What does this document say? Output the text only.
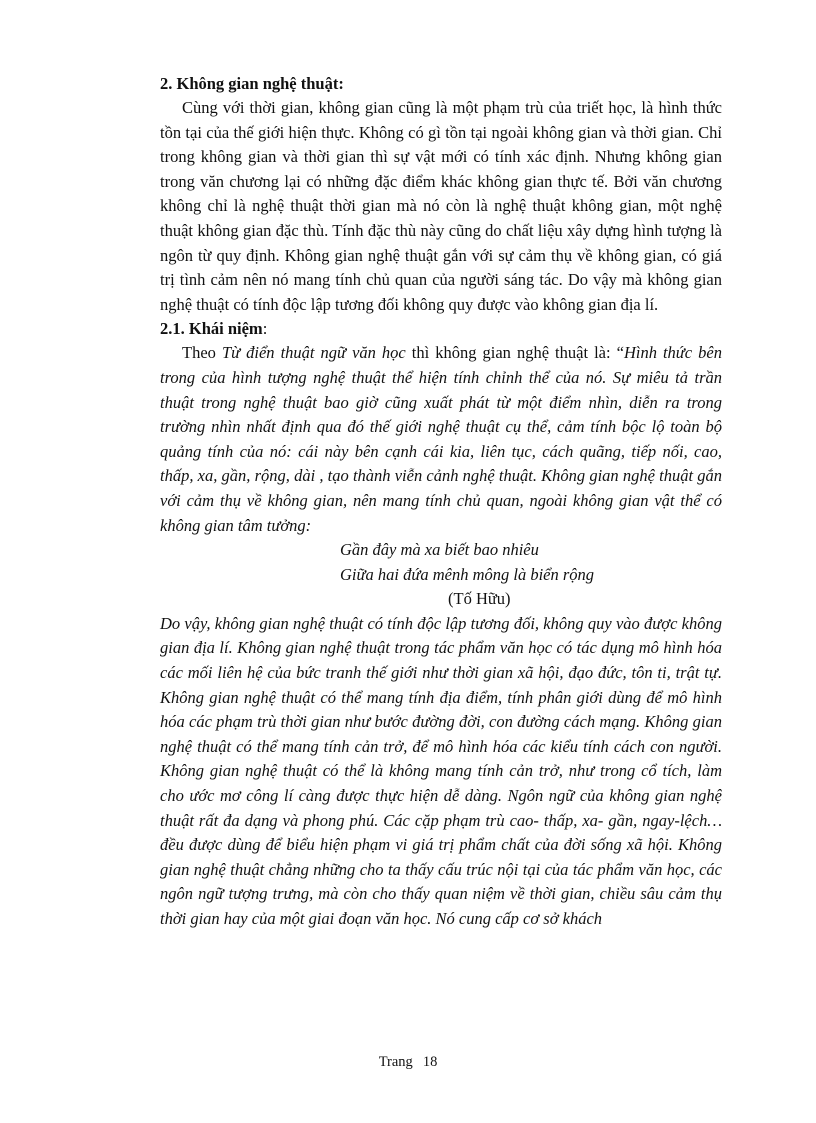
2. Không gian nghệ thuật:

Cùng với thời gian, không gian cũng là một phạm trù của triết học, là hình thức tồn tại của thế giới hiện thực. Không có gì tồn tại ngoài không gian và thời gian. Chỉ trong không gian và thời gian thì sự vật mới có tính xác định. Nhưng không gian trong văn chương lại có những đặc điểm khác không gian thực tế. Bởi văn chương không chỉ là nghệ thuật thời gian mà nó còn là nghệ thuật không gian, một nghệ thuật không gian đặc thù. Tính đặc thù này cũng do chất liệu xây dựng hình tượng là ngôn từ quy định. Không gian nghệ thuật gắn với sự cảm thụ về không gian, có giá trị tình cảm nên nó mang tính chủ quan của người sáng tác. Do vậy mà không gian nghệ thuật có tính độc lập tương đối không quy được vào không gian địa lí.

2.1. Khái niệm:

Theo Từ điển thuật ngữ văn học thì không gian nghệ thuật là: “Hình thức bên trong của hình tượng nghệ thuật thể hiện tính chỉnh thể của nó. Sự miêu tả trần thuật trong nghệ thuật bao giờ cũng xuất phát từ một điểm nhìn, diễn ra trong trường nhìn nhất định qua đó thế giới nghệ thuật cụ thể, cảm tính bộc lộ toàn bộ quảng tính của nó: cái này bên cạnh cái kia, liên tục, cách quãng, tiếp nối, cao, thấp, xa, gần, rộng, dài , tạo thành viễn cảnh nghệ thuật. Không gian nghệ thuật gắn với cảm thụ về không gian, nên mang tính chủ quan, ngoài không gian vật thể có không gian tâm tưởng:

Gần đây mà xa biết bao nhiêu

Giữa hai đứa mênh mông là biển rộng

(Tố Hữu)

Do vậy, không gian nghệ thuật có tính độc lập tương đối, không quy vào được không gian địa lí. Không gian nghệ thuật trong tác phẩm văn học có tác dụng mô hình hóa các mối liên hệ của bức tranh thế giới như thời gian xã hội, đạo đức, tôn ti, trật tự. Không gian nghệ thuật có thể mang tính địa điểm, tính phân giới dùng để mô hình hóa các phạm trù thời gian như bước đường đời, con đường cách mạng. Không gian nghệ thuật có thể mang tính cản trở, để mô hình hóa các kiểu tính cách con người. Không gian nghệ thuật có thể là không mang tính cản trở, như trong cổ tích, làm cho ước mơ công lí càng được thực hiện dễ dàng. Ngôn ngữ của không gian nghệ thuật rất đa dạng và phong phú. Các cặp phạm trù cao- thấp, xa- gần, ngay-lệch…đều được dùng để biểu hiện phạm vi giá trị phẩm chất của đời sống xã hội. Không gian nghệ thuật chẳng những cho ta thấy cấu trúc nội tại của tác phẩm văn học, các ngôn ngữ tượng trưng, mà còn cho thấy quan niệm về thời gian, chiều sâu cảm thụ thời gian hay của một giai đoạn văn học. Nó cung cấp cơ sở khách

Trang 18
